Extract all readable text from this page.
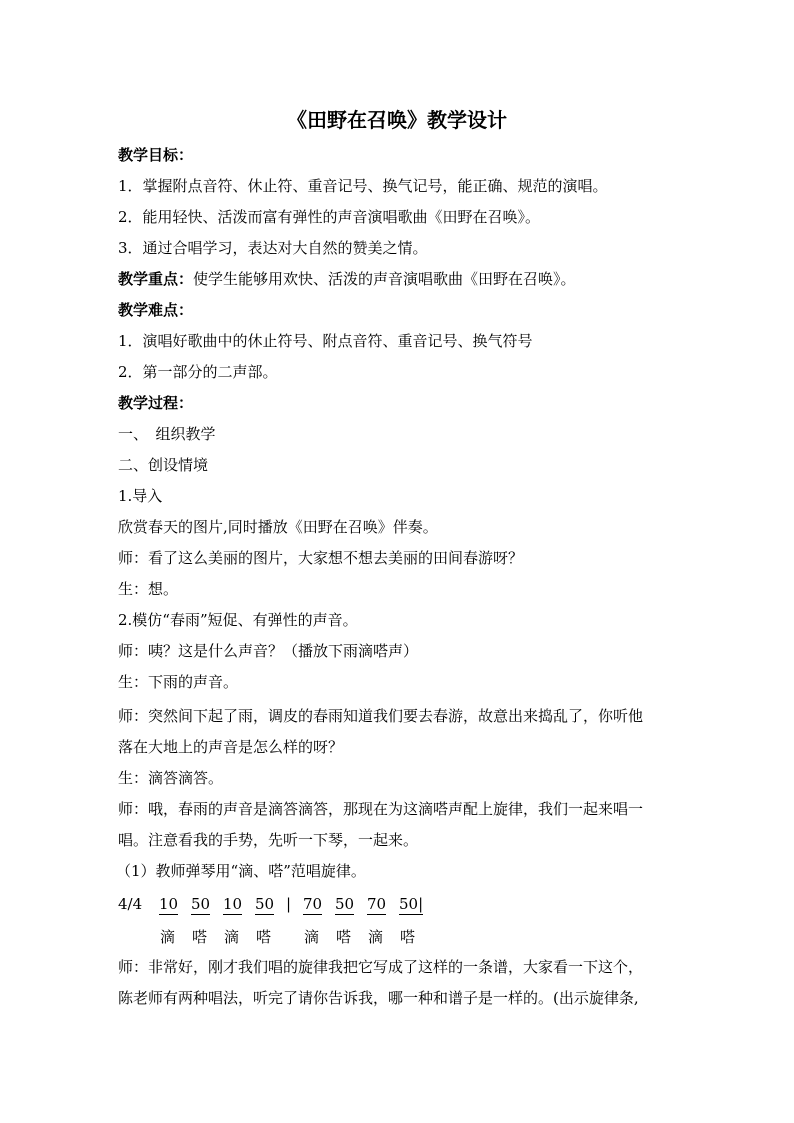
《田野在召唤》教学设计
教学目标：
1．掌握附点音符、休止符、重音记号、换气记号，能正确、规范的演唱。
2．能用轻快、活泼而富有弹性的声音演唱歌曲《田野在召唤》。
3．通过合唱学习，表达对大自然的赞美之情。
教学重点：使学生能够用欢快、活泼的声音演唱歌曲《田野在召唤》。
教学难点：
1．演唱好歌曲中的休止符号、附点音符、重音记号、换气符号
2．第一部分的二声部。
教学过程：
一、　组织教学
二、创设情境
1.导入
欣赏春天的图片,同时播放《田野在召唤》伴奏。
师：看了这么美丽的图片，大家想不想去美丽的田间春游呀？
生：想。
2.模仿“春雨”短促、有弹性的声音。
师：咦？这是什么声音？（播放下雨滴嗒声）
生：下雨的声音。
师：突然间下起了雨，调皮的春雨知道我们要去春游，故意出来捣乱了，你听他
落在大地上的声音是怎么样的呀？
生：滴答滴答。
师：哦，春雨的声音是滴答滴答，那现在为这滴嗒声配上旋律，我们一起来唱一
唱。注意看我的手势，先听一下琴，一起来。
（1）教师弹琴用“滴、嗒”范唱旋律。
4/4 10 50 10 50 | 70 50 70 50|
滴 嗒 滴 嗒 滴 嗒 滴 嗒
师：非常好，刚才我们唱的旋律我把它写成了这样的一条谱，大家看一下这个，
陈老师有两种唱法，听完了请你告诉我，哪一种和谱子是一样的。(出示旋律条,
